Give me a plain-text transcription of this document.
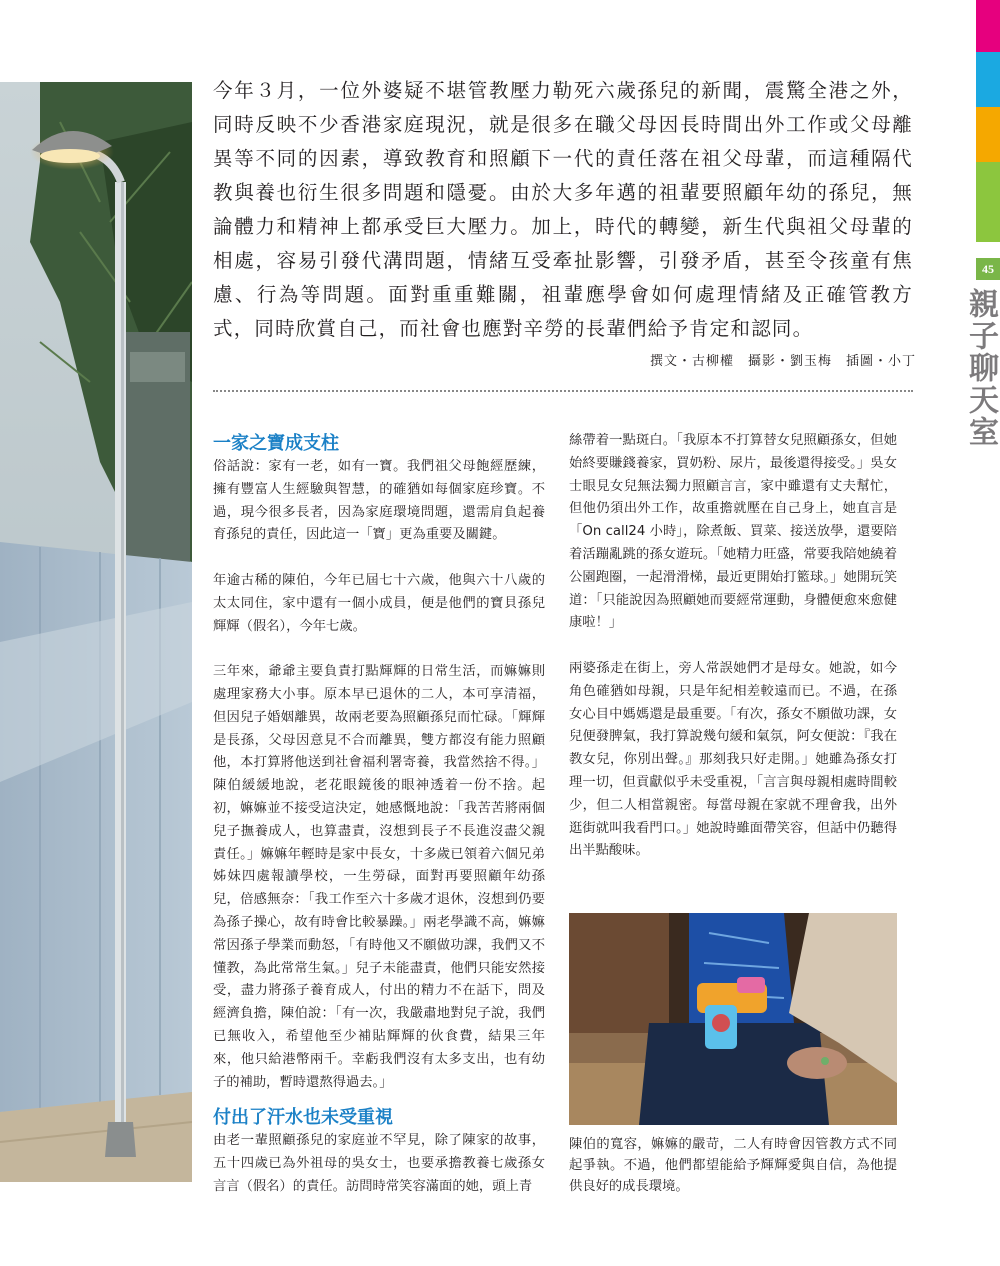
45
親子聊天室

今年３月，一位外婆疑不堪管教壓力勒死六歲孫兒的新聞，震驚全港之外，同時反映不少香港家庭現況，就是很多在職父母因長時間出外工作或父母離異等不同的因素，導致教育和照顧下一代的責任落在祖父母輩，而這種隔代教與養也衍生很多問題和隱憂。由於大多年邁的祖輩要照顧年幼的孫兒，無論體力和精神上都承受巨大壓力。加上，時代的轉變，新生代與祖父母輩的相處，容易引發代溝問題，情緒互受牽扯影響，引發矛盾，甚至令孩童有焦慮、行為等問題。面對重重難關，祖輩應學會如何處理情緒及正確管教方式，同時欣賞自己，而社會也應對辛勞的長輩們給予肯定和認同。

撰文・古柳權　攝影・劉玉梅　插圖・小丁
一家之寶成支柱

俗話說：家有一老，如有一寶。我們祖父母飽經歷練，擁有豐富人生經驗與智慧，的確猶如每個家庭珍寶。不過，現今很多長者，因為家庭環境問題，還需肩負起養育孫兒的責任，因此這一「寶」更為重要及關鍵。

年逾古稀的陳伯，今年已屆七十六歲，他與六十八歲的太太同住，家中還有一個小成員，便是他們的寶貝孫兒輝輝（假名），今年七歲。

三年來，爺爺主要負責打點輝輝的日常生活，而嫲嫲則處理家務大小事。原本早已退休的二人，本可享清福，但因兒子婚姻離異，故兩老要為照顧孫兒而忙碌。「輝輝是長孫，父母因意見不合而離異，雙方都沒有能力照顧他，本打算將他送到社會福利署寄養，我當然捨不得。」陳伯緩緩地說，老花眼鏡後的眼神透着一份不捨。起初，嫲嫲並不接受這決定，她感慨地說：「我苦苦將兩個兒子撫養成人，也算盡責，沒想到長子不長進沒盡父親責任。」嫲嫲年輕時是家中長女，十多歲已領着六個兄弟姊妹四處報讀學校，一生勞碌，面對再要照顧年幼孫兒，倍感無奈：「我工作至六十多歲才退休，沒想到仍要為孫子操心，故有時會比較暴躁。」兩老學識不高，嫲嫲常因孫子學業而動怒，「有時他又不願做功課，我們又不懂教，為此常常生氣。」兒子未能盡責，他們只能安然接受，盡力將孫子養育成人，付出的精力不在話下，問及經濟負擔，陳伯說：「有一次，我嚴肅地對兒子說，我們已無收入，希望他至少補貼輝輝的伙食費，結果三年來，他只給港幣兩千。幸虧我們沒有太多支出，也有幼子的補助，暫時還熬得過去。」

付出了汗水也未受重視

由老一輩照顧孫兒的家庭並不罕見，除了陳家的故事，五十四歲已為外祖母的吳女士，也要承擔教養七歲孫女言言（假名）的責任。訪問時常笑容滿面的她，頭上青

絲帶着一點斑白。「我原本不打算替女兒照顧孫女，但她始終要賺錢養家，買奶粉、尿片，最後還得接受。」吳女士眼見女兒無法獨力照顧言言，家中雖還有丈夫幫忙，但他仍須出外工作，故重擔就壓在自己身上，她直言是「On call24 小時」，除煮飯、買菜、接送放學，還要陪着活蹦亂跳的孫女遊玩。「她精力旺盛，常要我陪她繞着公園跑圈，一起滑滑梯，最近更開始打籃球。」她開玩笑道：「只能說因為照顧她而要經常運動，身體便愈來愈健康啦！」

兩婆孫走在街上，旁人常誤她們才是母女。她說，如今角色確猶如母親，只是年紀相差較遠而已。不過，在孫女心目中媽媽還是最重要。「有次，孫女不願做功課，女兒便發脾氣，我打算說幾句緩和氣氛，阿女便說：『我在教女兒，你別出聲。』那刻我只好走開。」她雖為孫女打理一切，但貢獻似乎未受重視，「言言與母親相處時間較少，但二人相當親密。每當母親在家就不理會我，出外逛街就叫我看門口。」她說時雖面帶笑容，但話中仍聽得出半點酸味。

陳伯的寬容，嫲嫲的嚴苛，二人有時會因管教方式不同起爭執。不過，他們都望能給予輝輝愛與自信，為他提供良好的成長環境。
